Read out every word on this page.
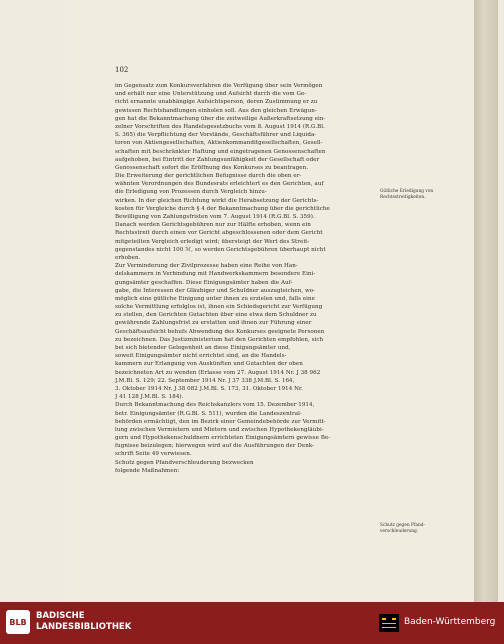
102
im Gegensatz zum Konkursverfahren die Verfügung über sein Vermögen
und erhält nur eine Unterstützung und Aufsicht durch die vom Ge-
richt ernannte unabhängige Aufsichtsperson, deren Zustimmung er zu
gewissen Rechtshandlungen einholen soll. Aus den gleichen Erwägun-
gen hat die Bekanntmachung über die zeitweilige Außerkraftsetzung ein-
zelner Vorschriften des Handelsgesetzbuchs vom 8. August 1914 (R.G.Bl.
S. 365) die Verpflichtung der Vorstände, Geschäftsführer und Liquida-
toren von Aktiengesellschaften, Aktienkommanditgesellschaften, Gesell-
schaften mit beschränkter Haftung und eingetragenen Genossenschaften
aufgehoben, bei Eintritt der Zahlungsunfähigkeit der Gesellschaft oder
Genossenschaft sofort die Eröffnung des Konkurses zu beantragen.
Die Erweiterung der gerichtlichen Befugnisse durch die oben er-
wähnten Verordnungen des Bundesrats erleichtert es den Gerichten, auf
die Erledigung von Prozessen durch Vergleich hinzu-
wirken. In der gleichen Richtung wirkt die Herabsetzung der Gerichts-
kosten für Vergleiche durch § 4 der Bekanntmachung über die gerichtliche
Bewilligung von Zahlungsfristen vom 7. August 1914 (R.G.Bl. S. 359).
Danach werden Gerichtsgebühren nur zur Hälfte erhoben, wenn ein
Rechtsstreit durch einen vor Gericht abgeschlossenen oder dem Gericht
mitgeteilten Vergleich erledigt wird; übersteigt der Wert des Streit-
gegenstandes nicht 100 ℳ, so werden Gerichtsgebühren überhaupt nicht
erhoben.
Zur Verminderung der Zivilprozesse haben eine Reihe von Han-
delskammern in Verbindung mit Handwerkskammern besondere Eini-
gungsämter geschaffen. Diese Einigungsämter haben die Auf-
gabe, die Interessen der Gläubiger und Schuldner auszugleichen, wo-
möglich eine gütliche Einigung unter ihnen zu erzielen und, falls eine
solche Vermittlung erfolglos ist, ihnen ein Schiedsgericht zur Verfügung
zu stellen, den Gerichten Gutachten über eine etwa dem Schuldner zu
gewährende Zahlungsfrist zu erstatten und ihnen zur Führung einer
Geschäftsaufsicht behufs Abwendung des Konkurses geeignete Personen
zu bezeichnen. Das Justizministerium hat den Gerichten empfohlen, sich
bei sich bietender Gelegenheit an diese Einigungsämter und,
soweit Einigungsämter nicht errichtet sind, an die Handels-
kammern zur Erlangung von Auskünften und Gutachten der oben
bezeichneten Art zu wenden (Erlasse vom 27. August 1914 Nr. J 38 962
J.M.Bl. S. 129; 22. September 1914 Nr. J 37 338 J.M.Bl. S. 164,
3. Oktober 1914 Nr. J 38 082 J.M.Bl. S. 173, 31. Oktober 1914 Nr.
J 41 128 J.M.Bl. S. 184).
Durch Bekanntmachung des Reichskanzlers vom 15. Dezember 1914,
betr. Einigungsämter (R.G.Bl. S. 511), wurden die Landeszentral-
behörden ermächtigt, den im Bezirk einer Gemeindebehörde zur Vermitt-
lung zwischen Vermietern und Mietern und zwischen Hypothekengläubi-
gern und Hypothekenschuldnern errichteten Einigungsämtern gewisse Be-
fugnisse beizulegen; hierwegen wird auf die Ausführungen der Denk-
schrift Seite 49 verwiesen.
Schutz gegen Pfandverschleuderung bezwecken
folgende Maßnahmen:
Gütliche Erledigung von
Rechtsstreitigkeiten.
Schutz gegen Pfand-
verschleuderung.
BLB
BADISCHE
LANDESBIBLIOTHEK	Baden-Württemberg
